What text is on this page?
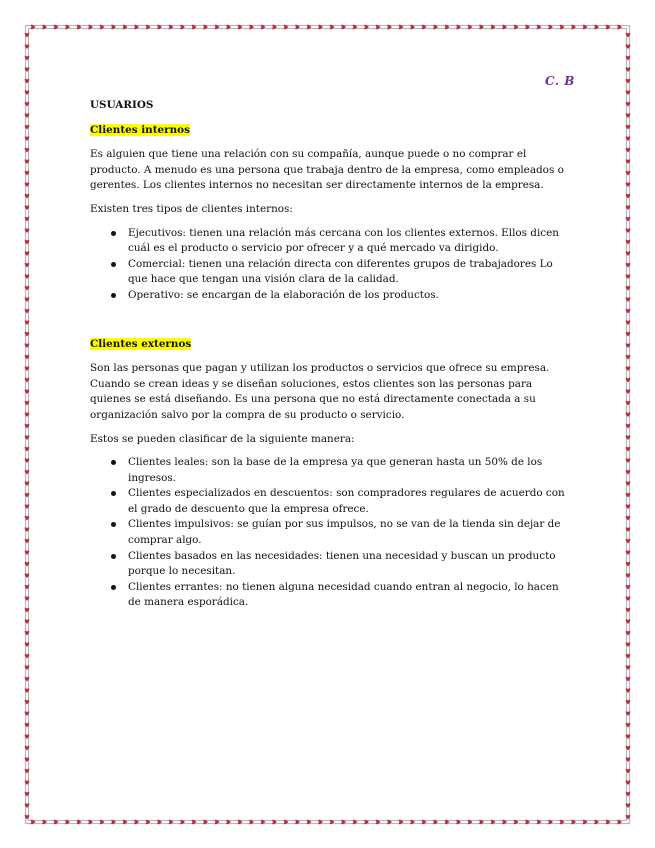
C. B
USUARIOS
Clientes internos

Es alguien que tiene una relación con su compañía, aunque puede o no comprar el producto. A menudo es una persona que trabaja dentro de la empresa, como empleados o gerentes. Los clientes internos no necesitan ser directamente internos de la empresa.

Existen tres tipos de clientes internos:

Ejecutivos: tienen una relación más cercana con los clientes externos. Ellos dicen cuál es el producto o servicio por ofrecer y a qué mercado va dirigido.
Comercial: tienen una relación directa con diferentes grupos de trabajadores Lo que hace que tengan una visión clara de la calidad.
Operativo: se encargan de la elaboración de los productos.
Clientes externos

Son las personas que pagan y utilizan los productos o servicios que ofrece su empresa. Cuando se crean ideas y se diseñan soluciones, estos clientes son las personas para quienes se está diseñando. Es una persona que no está directamente conectada a su organización salvo por la compra de su producto o servicio.

Estos se pueden clasificar de la siguiente manera:

Clientes leales: son la base de la empresa ya que generan hasta un 50% de los ingresos.
Clientes especializados en descuentos: son compradores regulares de acuerdo con el grado de descuento que la empresa ofrece.
Clientes impulsivos: se guían por sus impulsos, no se van de la tienda sin dejar de comprar algo.
Clientes basados en las necesidades: tienen una necesidad y buscan un producto porque lo necesitan.
Clientes errantes: no tienen alguna necesidad cuando entran al negocio, lo hacen de manera esporádica.
